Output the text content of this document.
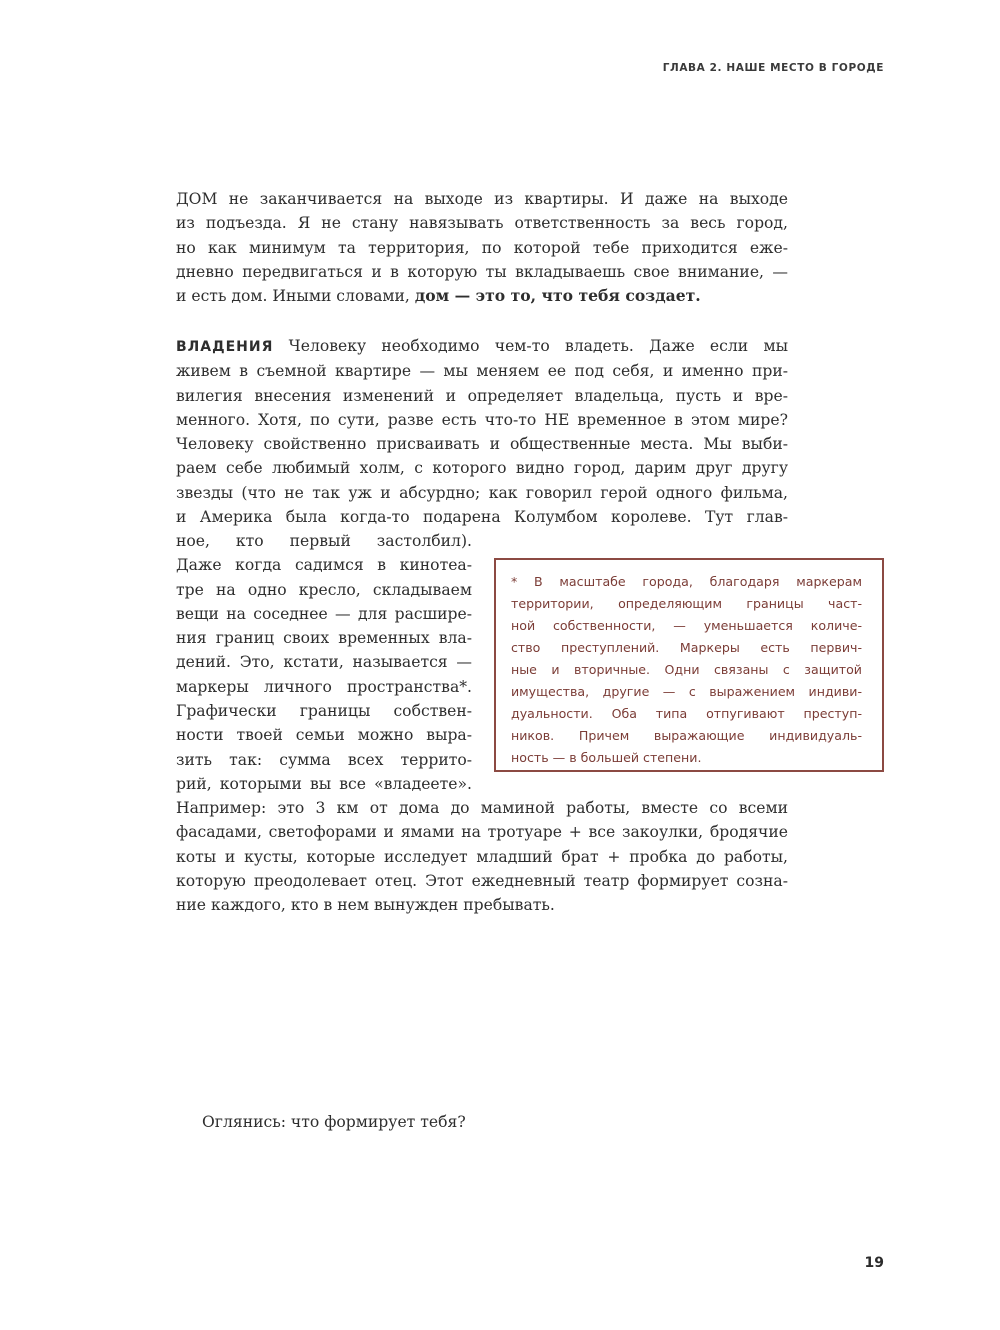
ГЛАВА 2. НАШЕ МЕСТО В ГОРОДЕ
ДОМ не заканчивается на выходе из квартиры. И даже на выходе
из подъезда. Я не стану навязывать ответственность за весь город,
но как минимум та территория, по которой тебе приходится еже-
дневно передвигаться и в которую ты вкладываешь свое внимание, —
и есть дом. Иными словами, дом — это то, что тебя создает.
ВЛАДЕНИЯ Человеку необходимо чем-то владеть. Даже если мы
живем в съемной квартире — мы меняем ее под себя, и именно при-
вилегия внесения изменений и определяет владельца, пусть и вре-
менного. Хотя, по сути, разве есть что-то НЕ временное в этом мире?
Человеку свойственно присваивать и общественные места. Мы выби-
раем себе любимый холм, с которого видно город, дарим друг другу
звезды (что не так уж и абсурдно; как говорил герой одного фильма,
и Америка была когда-то подарена Колумбом королеве. Тут глав-
ное, кто первый застолбил).
Даже когда садимся в кинотеа-
тре на одно кресло, складываем
вещи на соседнее — для расшире-
ния границ своих временных вла-
дений. Это, кстати, называется —
маркеры личного пространства*.
Графически границы собствен-
ности твоей семьи можно выра-
зить так: сумма всех террито-
рий, которыми вы все «владеете».
Например: это 3 км от дома до маминой работы, вместе со всеми
фасадами, светофорами и ямами на тротуаре + все закоулки, бродячие
коты и кусты, которые исследует младший брат + пробка до работы,
которую преодолевает отец. Этот ежедневный театр формирует созна-
ние каждого, кто в нем вынужден пребывать.
* В масштабе города, благодаря маркерам
территории, определяющим границы част-
ной собственности, — уменьшается количе-
ство преступлений. Маркеры есть первич-
ные и вторичные. Одни связаны с защитой
имущества, другие — с выражением индиви-
дуальности. Оба типа отпугивают преступ-
ников. Причем выражающие индивидуаль-
ность — в большей степени.
Оглянись: что формирует тебя?
19
